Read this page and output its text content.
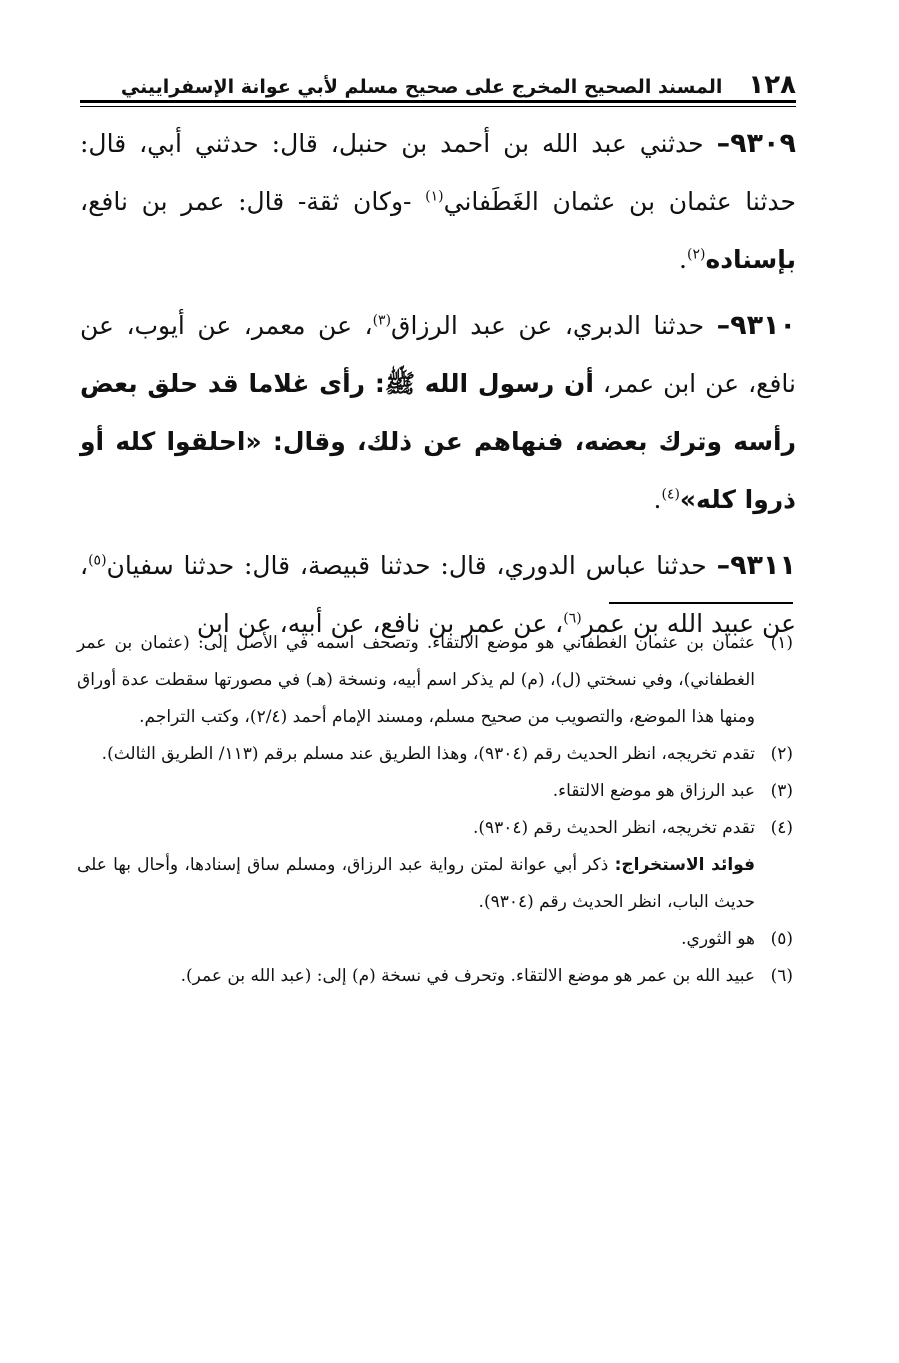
١٢٨
المسند الصحيح المخرج على صحيح مسلم لأبي عوانة الإسفراييني

٩٣٠٩– حدثني عبد الله بن أحمد بن حنبل، قال: حدثني أبي، قال: حدثنا عثمان بن عثمان الغَطَفاني$^{(١)}$ -وكان ثقة- قال: عمر بن نافع، بإسناده$^{(٢)}$.

٩٣١٠– حدثنا الدبري، عن عبد الرزاق$^{(٣)}$، عن معمر، عن أيوب، عن نافع، عن ابن عمر، أن رسول الله ﷺ: رأى غلاما قد حلق بعض رأسه وترك بعضه، فنهاهم عن ذلك، وقال: «احلقوا كله أو ذروا كله»$^{(٤)}$.

٩٣١١– حدثنا عباس الدوري، قال: حدثنا قبيصة، قال: حدثنا سفيان$^{(٥)}$، عن عبيد الله بن عمر$^{(٦)}$، عن عمر بن نافع، عن أبيه، عن ابن

(١)
عثمان بن عثمان الغطفاني هو موضع الالتقاء. وتصحف اسمه في الأصل إلى: (عثمان بن عمر الغطفاني)، وفي نسختي (ل)، (م) لم يذكر اسم أبيه، ونسخة (هـ) في مصورتها سقطت عدة أوراق ومنها هذا الموضع، والتصويب من صحيح مسلم، ومسند الإمام أحمد (٢/٤)، وكتب التراجم.
(٢)
تقدم تخريجه، انظر الحديث رقم (٩٣٠٤)، وهذا الطريق عند مسلم برقم (١١٣/ الطريق الثالث).
(٣)
عبد الرزاق هو موضع الالتقاء.
(٤)
تقدم تخريجه، انظر الحديث رقم (٩٣٠٤).
فوائد الاستخراج: ذكر أبي عوانة لمتن رواية عبد الرزاق، ومسلم ساق إسنادها، وأحال بها على حديث الباب، انظر الحديث رقم (٩٣٠٤).
(٥)
هو الثوري.
(٦)
عبيد الله بن عمر هو موضع الالتقاء. وتحرف في نسخة (م) إلى: (عبد الله بن عمر).
